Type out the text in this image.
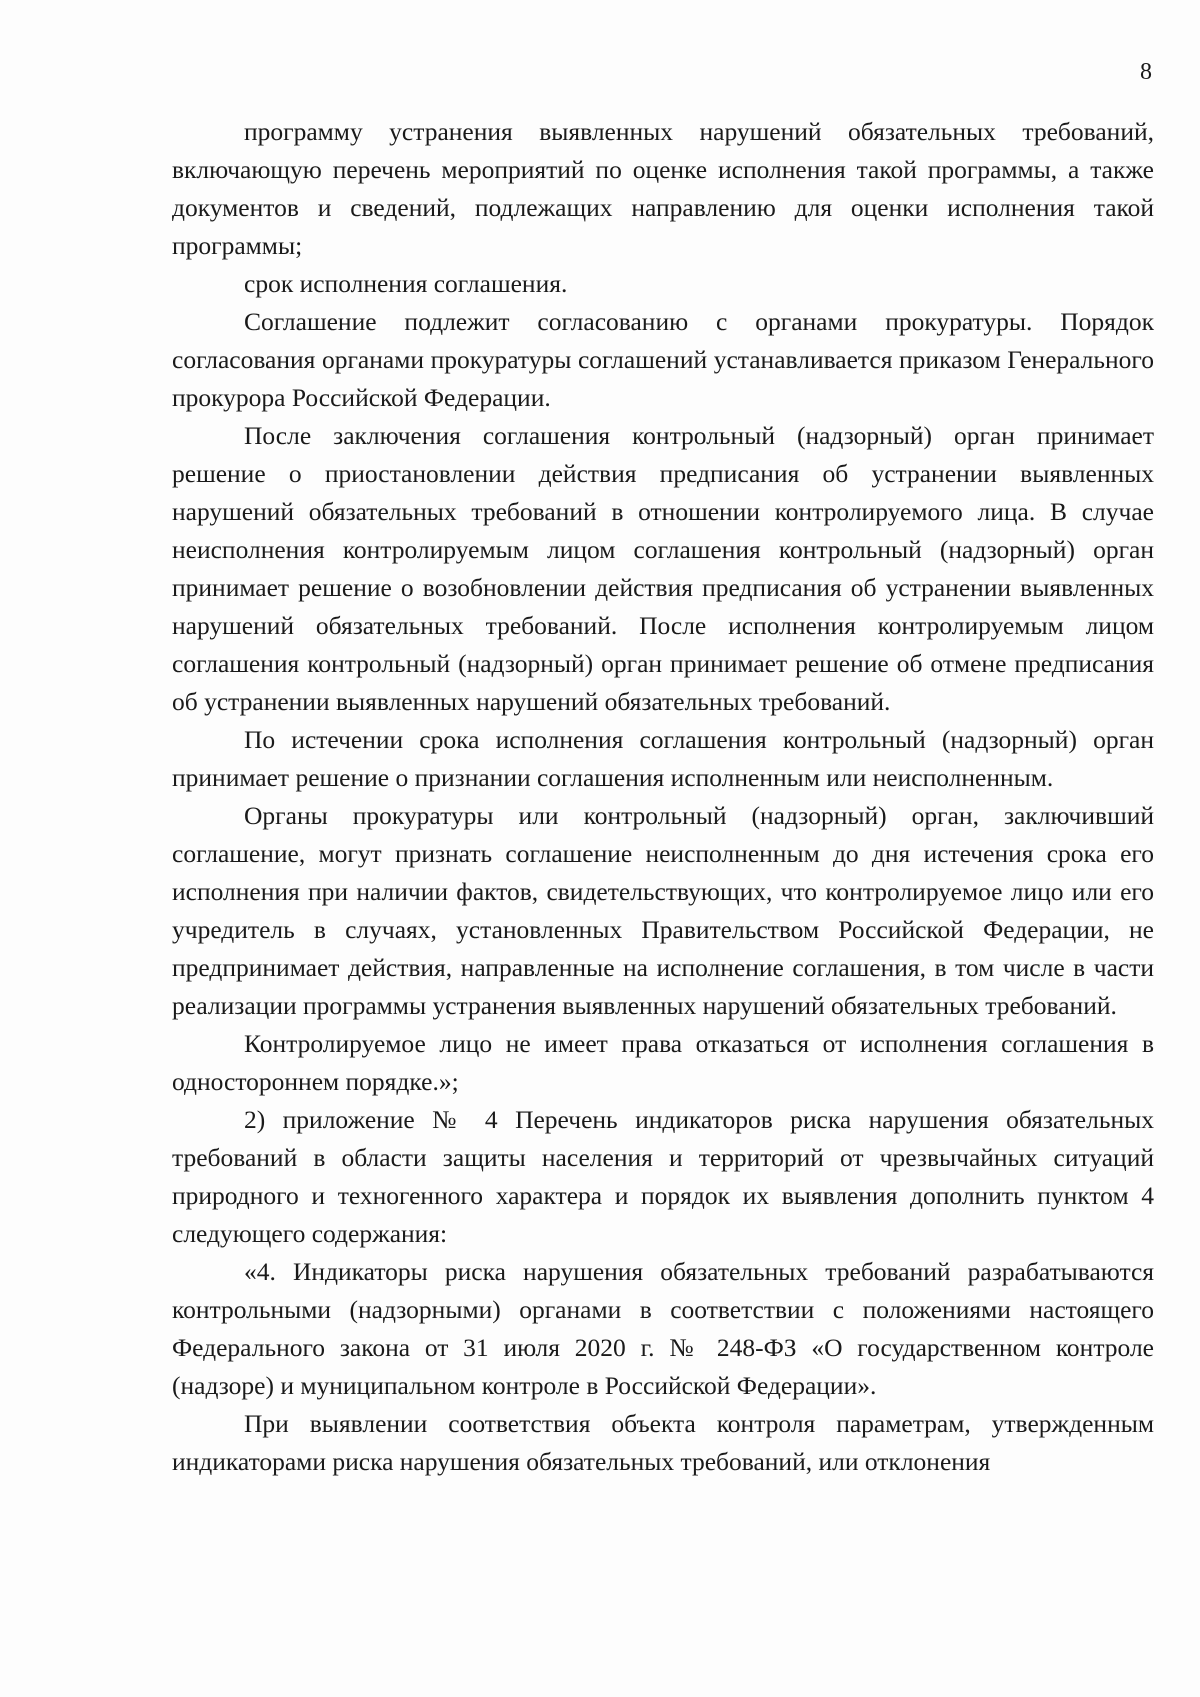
8

программу устранения выявленных нарушений обязательных требований, включающую перечень мероприятий по оценке исполнения такой программы, а также документов и сведений, подлежащих направлению для оценки исполнения такой программы;

срок исполнения соглашения.

Соглашение подлежит согласованию с органами прокуратуры. Порядок согласования органами прокуратуры соглашений устанавливается приказом Генерального прокурора Российской Федерации.

После заключения соглашения контрольный (надзорный) орган принимает решение о приостановлении действия предписания об устранении выявленных нарушений обязательных требований в отношении контролируемого лица. В случае неисполнения контролируемым лицом соглашения контрольный (надзорный) орган принимает решение о возобновлении действия предписания об устранении выявленных нарушений обязательных требований. После исполнения контролируемым лицом соглашения контрольный (надзорный) орган принимает решение об отмене предписания об устранении выявленных нарушений обязательных требований.

По истечении срока исполнения соглашения контрольный (надзорный) орган принимает решение о признании соглашения исполненным или неисполненным.

Органы прокуратуры или контрольный (надзорный) орган, заключивший соглашение, могут признать соглашение неисполненным до дня истечения срока его исполнения при наличии фактов, свидетельствующих, что контролируемое лицо или его учредитель в случаях, установленных Правительством Российской Федерации, не предпринимает действия, направленные на исполнение соглашения, в том числе в части реализации программы устранения выявленных нарушений обязательных требований.

Контролируемое лицо не имеет права отказаться от исполнения соглашения в одностороннем порядке.»;

2) приложение № 4 Перечень индикаторов риска нарушения обязательных требований в области защиты населения и территорий от чрезвычайных ситуаций природного и техногенного характера и порядок их выявления дополнить пунктом 4 следующего содержания:

«4. Индикаторы риска нарушения обязательных требований разрабатываются контрольными (надзорными) органами в соответствии с положениями настоящего Федерального закона от 31 июля 2020 г. № 248-ФЗ «О государственном контроле (надзоре) и муниципальном контроле в Российской Федерации».

При выявлении соответствия объекта контроля параметрам, утвержденным индикаторами риска нарушения обязательных требований, или отклонения
